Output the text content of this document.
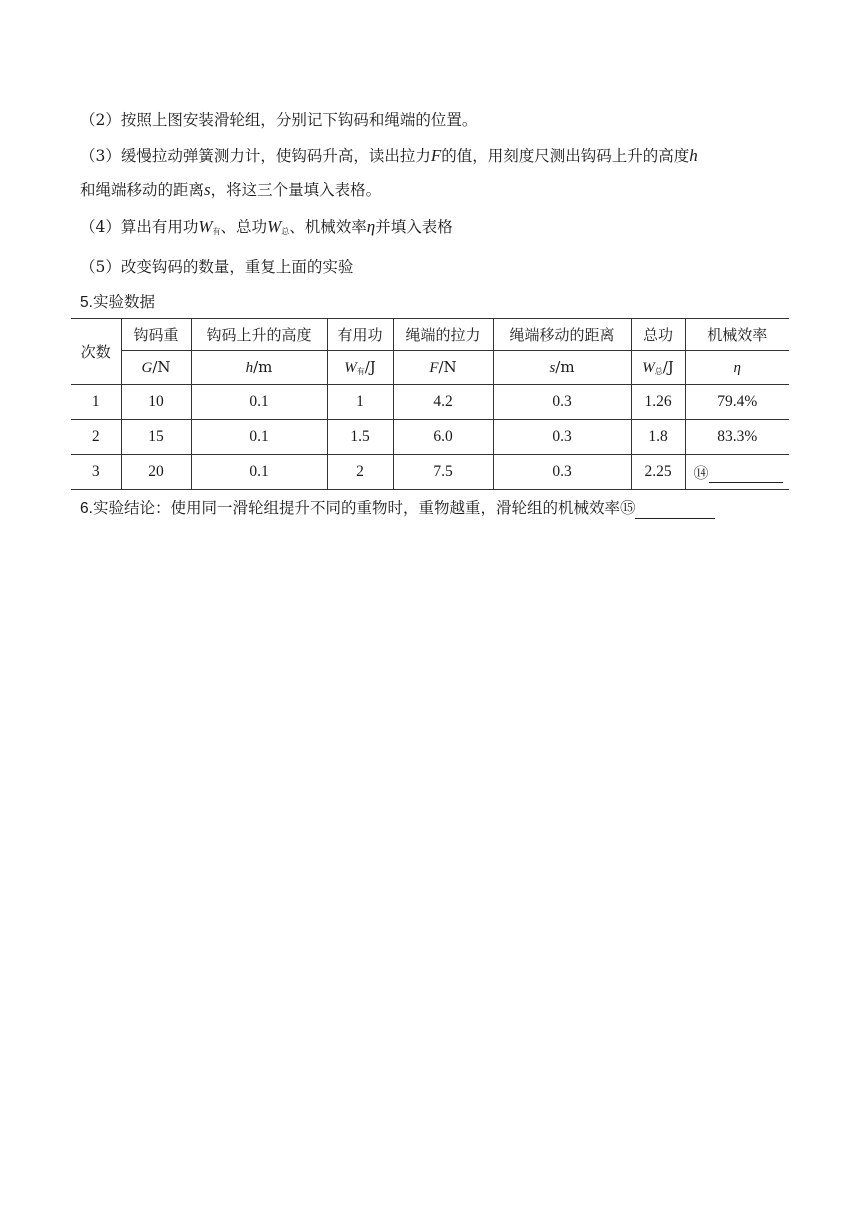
（2）按照上图安装滑轮组，分别记下钩码和绳端的位置。
（3）缓慢拉动弹簧测力计，使钩码升高，读出拉力F的值，用刻度尺测出钩码上升的高度h
和绳端移动的距离s，将这三个量填入表格。
（4）算出有用功$W_有$、总功$W_总$、机械效率η并填入表格
（5）改变钩码的数量，重复上面的实验
5.实验数据
次数	钩码重	钩码上升的高度	有用功	绳端的拉力	绳端移动的距离	总功	机械效率
	G/N	h/m	$W_有/J$	F/N	s/m	$W_总/J$	η
1	10	0.1	1	4.2	0.3	1.26	79.4%
2	15	0.1	1.5	6.0	0.3	1.8	83.3%
3	20	0.1	2	7.5	0.3	2.25	⑭
6.实验结论：使用同一滑轮组提升不同的重物时，重物越重，滑轮组的机械效率⑮
